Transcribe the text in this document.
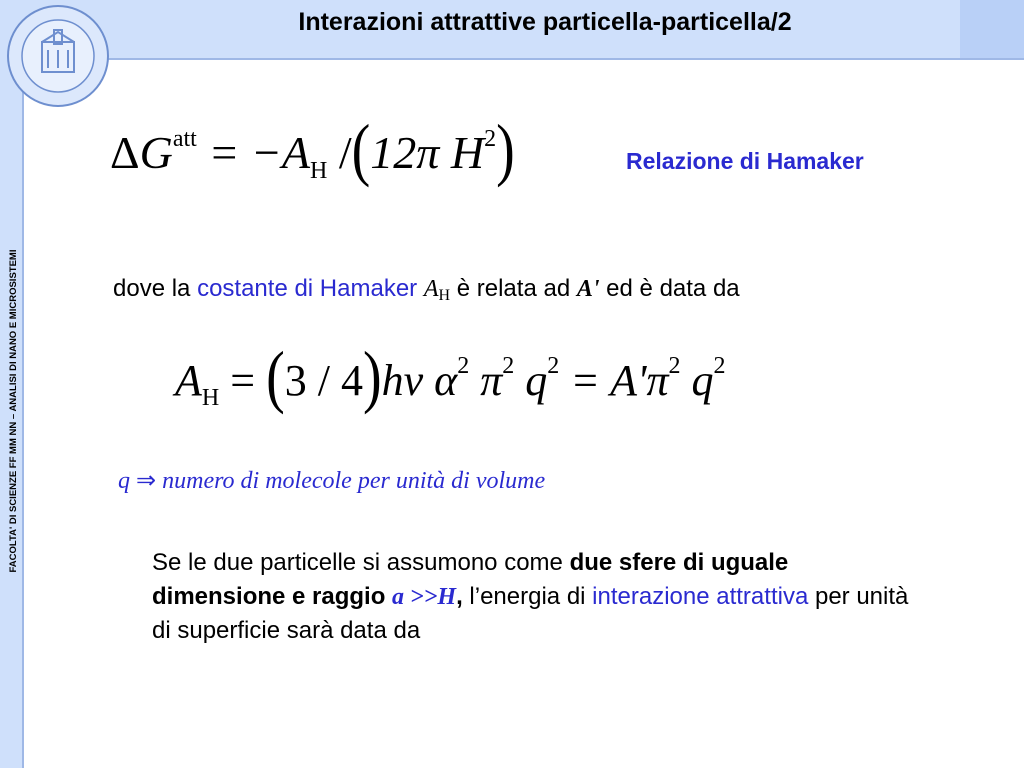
Interazioni attrattive particella-particella/2
FACOLTA' DI SCIENZE FF MM NN – ANALISI DI NANO E MICROSISTEMI
$\Delta G^{att} = -A_H$ /(12π $H^2$)	Relazione di Hamaker
dove la costante di Hamaker $A_H$ è relata ad A' ed è data da
$A_H = (3 / 4)h\nu$ $\alpha^2$ $\pi^2$ $q^2 = A'\pi^2$ $q^2$
q ⇒ numero di molecole per unità di volume
Se le due particelle si assumono come due sfere di uguale dimensione e raggio a >>H, l’energia di interazione attrattiva per unità di superficie sarà data da
